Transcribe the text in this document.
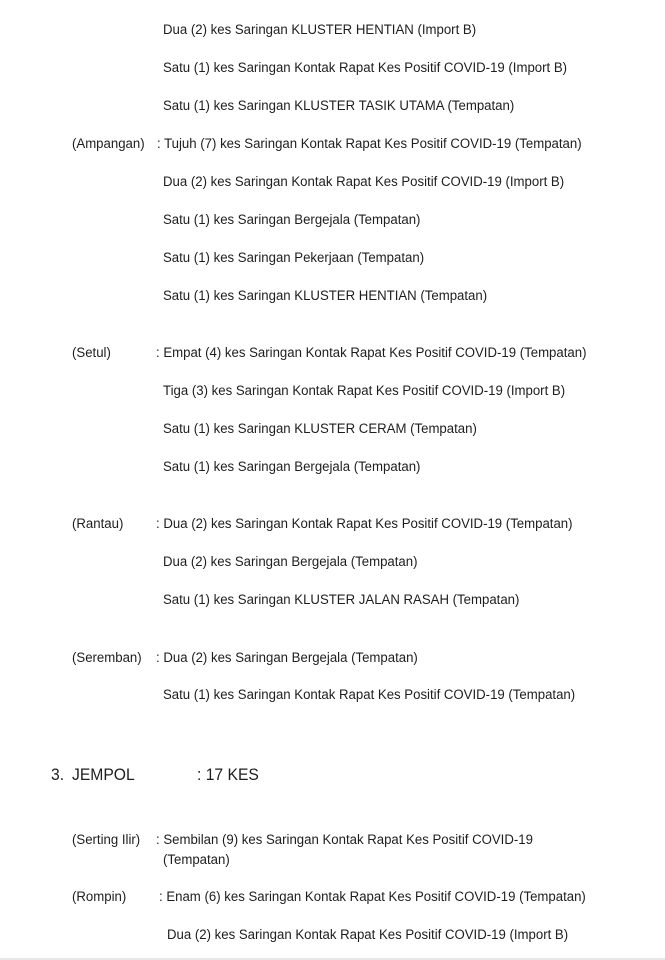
Dua (2) kes Saringan KLUSTER HENTIAN (Import B)
Satu (1) kes Saringan Kontak Rapat Kes Positif COVID-19 (Import B)
Satu (1) kes Saringan KLUSTER TASIK UTAMA (Tempatan)
(Ampangan) : Tujuh (7) kes Saringan Kontak Rapat Kes Positif COVID-19 (Tempatan)
Dua (2) kes Saringan Kontak Rapat Kes Positif COVID-19 (Import B)
Satu (1) kes Saringan Bergejala (Tempatan)
Satu (1) kes Saringan Pekerjaan (Tempatan)
Satu (1) kes Saringan KLUSTER HENTIAN (Tempatan)
(Setul)	: Empat (4) kes Saringan Kontak Rapat Kes Positif COVID-19 (Tempatan)
Tiga (3) kes Saringan Kontak Rapat Kes Positif COVID-19 (Import B)
Satu (1) kes Saringan KLUSTER CERAM (Tempatan)
Satu (1) kes Saringan Bergejala (Tempatan)
(Rantau) : Dua (2) kes Saringan Kontak Rapat Kes Positif COVID-19 (Tempatan)
Dua (2) kes Saringan Bergejala (Tempatan)
Satu (1) kes Saringan KLUSTER JALAN RASAH (Tempatan)
(Seremban) : Dua (2) kes Saringan Bergejala (Tempatan)
Satu (1) kes Saringan Kontak Rapat Kes Positif COVID-19 (Tempatan)
3. JEMPOL	: 17 KES
(Serting Ilir) : Sembilan (9) kes Saringan Kontak Rapat Kes Positif COVID-19
(Tempatan)
(Rompin) : Enam (6) kes Saringan Kontak Rapat Kes Positif COVID-19 (Tempatan)
Dua (2) kes Saringan Kontak Rapat Kes Positif COVID-19 (Import B)
